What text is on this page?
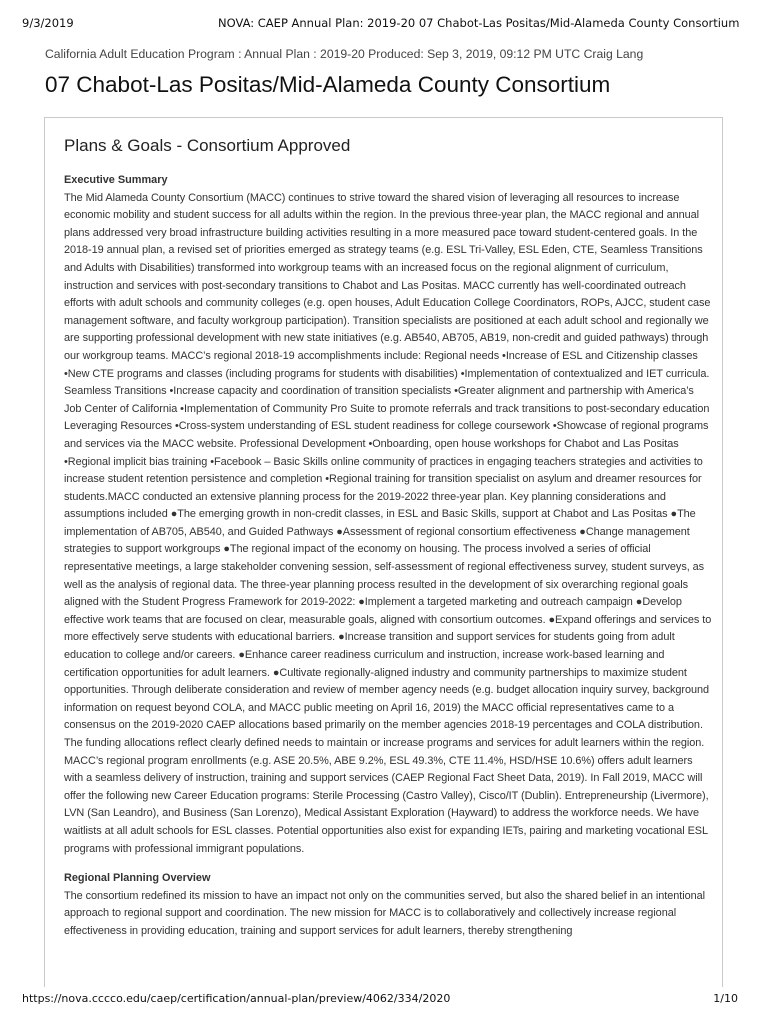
9/3/2019	NOVA: CAEP Annual Plan: 2019-20 07 Chabot-Las Positas/Mid-Alameda County Consortium
California Adult Education Program : Annual Plan : 2019-20 Produced: Sep 3, 2019, 09:12 PM UTC Craig Lang
07 Chabot-Las Positas/Mid-Alameda County Consortium
Plans & Goals - Consortium Approved

Executive Summary

The Mid Alameda County Consortium (MACC) continues to strive toward the shared vision of leveraging all resources to increase economic mobility and student success for all adults within the region. In the previous three-year plan, the MACC regional and annual plans addressed very broad infrastructure building activities resulting in a more measured pace toward student-centered goals. In the 2018-19 annual plan, a revised set of priorities emerged as strategy teams (e.g. ESL Tri-Valley, ESL Eden, CTE, Seamless Transitions and Adults with Disabilities) transformed into workgroup teams with an increased focus on the regional alignment of curriculum, instruction and services with post-secondary transitions to Chabot and Las Positas. MACC currently has well-coordinated outreach efforts with adult schools and community colleges (e.g. open houses, Adult Education College Coordinators, ROPs, AJCC, student case management software, and faculty workgroup participation). Transition specialists are positioned at each adult school and regionally we are supporting professional development with new state initiatives (e.g. AB540, AB705, AB19, non-credit and guided pathways) through our workgroup teams. MACC’s regional 2018-19 accomplishments include: Regional needs •Increase of ESL and Citizenship classes •New CTE programs and classes (including programs for students with disabilities) •Implementation of contextualized and IET curricula. Seamless Transitions •Increase capacity and coordination of transition specialists •Greater alignment and partnership with America’s Job Center of California •Implementation of Community Pro Suite to promote referrals and track transitions to post-secondary education Leveraging Resources •Cross-system understanding of ESL student readiness for college coursework •Showcase of regional programs and services via the MACC website. Professional Development •Onboarding, open house workshops for Chabot and Las Positas •Regional implicit bias training •Facebook – Basic Skills online community of practices in engaging teachers strategies and activities to increase student retention persistence and completion •Regional training for transition specialist on asylum and dreamer resources for students.MACC conducted an extensive planning process for the 2019-2022 three-year plan. Key planning considerations and assumptions included ●The emerging growth in non-credit classes, in ESL and Basic Skills, support at Chabot and Las Positas ●The implementation of AB705, AB540, and Guided Pathways ●Assessment of regional consortium effectiveness ●Change management strategies to support workgroups ●The regional impact of the economy on housing. The process involved a series of official representative meetings, a large stakeholder convening session, self-assessment of regional effectiveness survey, student surveys, as well as the analysis of regional data. The three-year planning process resulted in the development of six overarching regional goals aligned with the Student Progress Framework for 2019-2022: ●Implement a targeted marketing and outreach campaign ●Develop effective work teams that are focused on clear, measurable goals, aligned with consortium outcomes. ●Expand offerings and services to more effectively serve students with educational barriers. ●Increase transition and support services for students going from adult education to college and/or careers. ●Enhance career readiness curriculum and instruction, increase work-based learning and certification opportunities for adult learners. ●Cultivate regionally-aligned industry and community partnerships to maximize student opportunities. Through deliberate consideration and review of member agency needs (e.g. budget allocation inquiry survey, background information on request beyond COLA, and MACC public meeting on April 16, 2019) the MACC official representatives came to a consensus on the 2019-2020 CAEP allocations based primarily on the member agencies 2018-19 percentages and COLA distribution. The funding allocations reflect clearly defined needs to maintain or increase programs and services for adult learners within the region. MACC’s regional program enrollments (e.g. ASE 20.5%, ABE 9.2%, ESL 49.3%, CTE 11.4%, HSD/HSE 10.6%) offers adult learners with a seamless delivery of instruction, training and support services (CAEP Regional Fact Sheet Data, 2019). In Fall 2019, MACC will offer the following new Career Education programs: Sterile Processing (Castro Valley), Cisco/IT (Dublin). Entrepreneurship (Livermore), LVN (San Leandro), and Business (San Lorenzo), Medical Assistant Exploration (Hayward) to address the workforce needs. We have waitlists at all adult schools for ESL classes. Potential opportunities also exist for expanding IETs, pairing and marketing vocational ESL programs with professional immigrant populations.

Regional Planning Overview

The consortium redefined its mission to have an impact not only on the communities served, but also the shared belief in an intentional approach to regional support and coordination. The new mission for MACC is to collaboratively and collectively increase regional effectiveness in providing education, training and support services for adult learners, thereby strengthening

https://nova.cccco.edu/caep/certification/annual-plan/preview/4062/334/2020	1/10
